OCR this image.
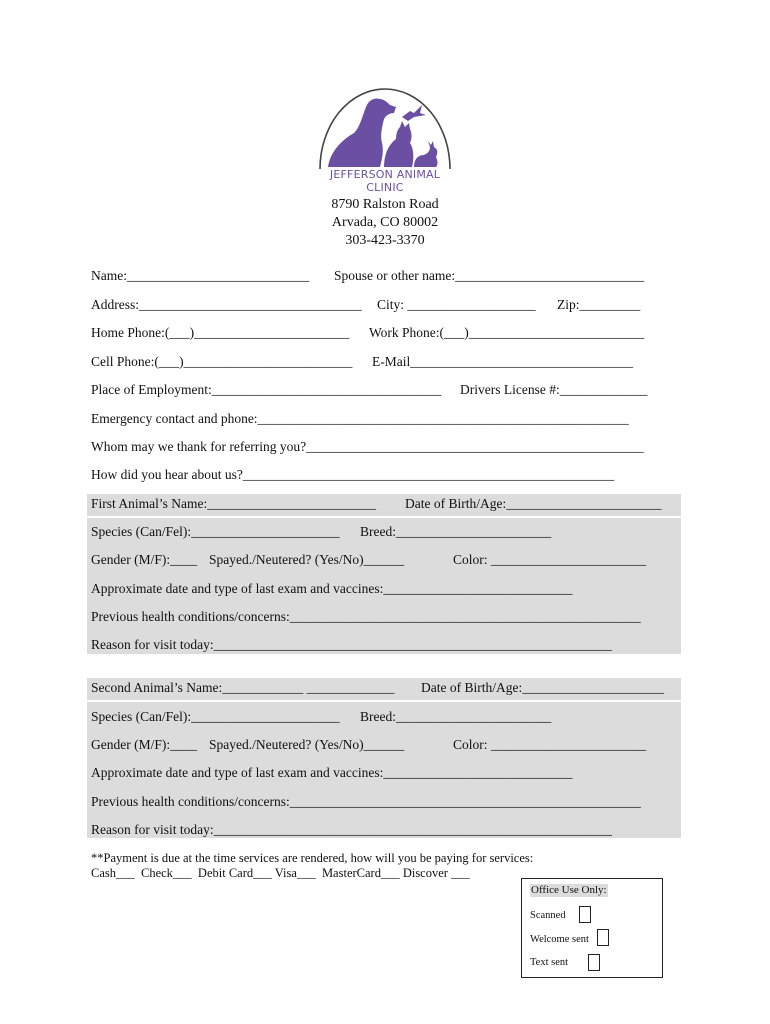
JEFFERSON ANIMAL CLINIC
8790 Ralston Road
Arvada, CO 80002
303-423-3370
Name:___________________________ Spouse or other name:____________________________
Address:_________________________________ City: ___________________ Zip:_________
Home Phone:(___)_______________________ Work Phone:(___)__________________________
Cell Phone:(___)_________________________ E-Mail_________________________________
Place of Employment:__________________________________ Drivers License #:_____________
Emergency contact and phone:_______________________________________________________
Whom may we thank for referring you?__________________________________________________
How did you hear about us?_______________________________________________________
First Animal’s Name:_________________________ Date of Birth/Age:_______________________
Species (Can/Fel):______________________ Breed:_______________________
Gender (M/F):____ Spayed./Neutered? (Yes/No)______	Color: _______________________
Approximate date and type of last exam and vaccines:____________________________
Previous health conditions/concerns:____________________________________________________
Reason for visit today:___________________________________________________________
Second Animal’s Name:____________ _____________ Date of Birth/Age:_____________________
Species (Can/Fel):______________________ Breed:_______________________
Gender (M/F):____ Spayed./Neutered? (Yes/No)______	Color: _______________________
Approximate date and type of last exam and vaccines:____________________________
Previous health conditions/concerns:____________________________________________________
Reason for visit today:___________________________________________________________
**Payment is due at the time services are rendered, how will you be paying for services:
Cash___  Check___  Debit Card___ Visa___  MasterCard___ Discover ___
Office Use Only:
Scanned
Welcome sent
Text sent
